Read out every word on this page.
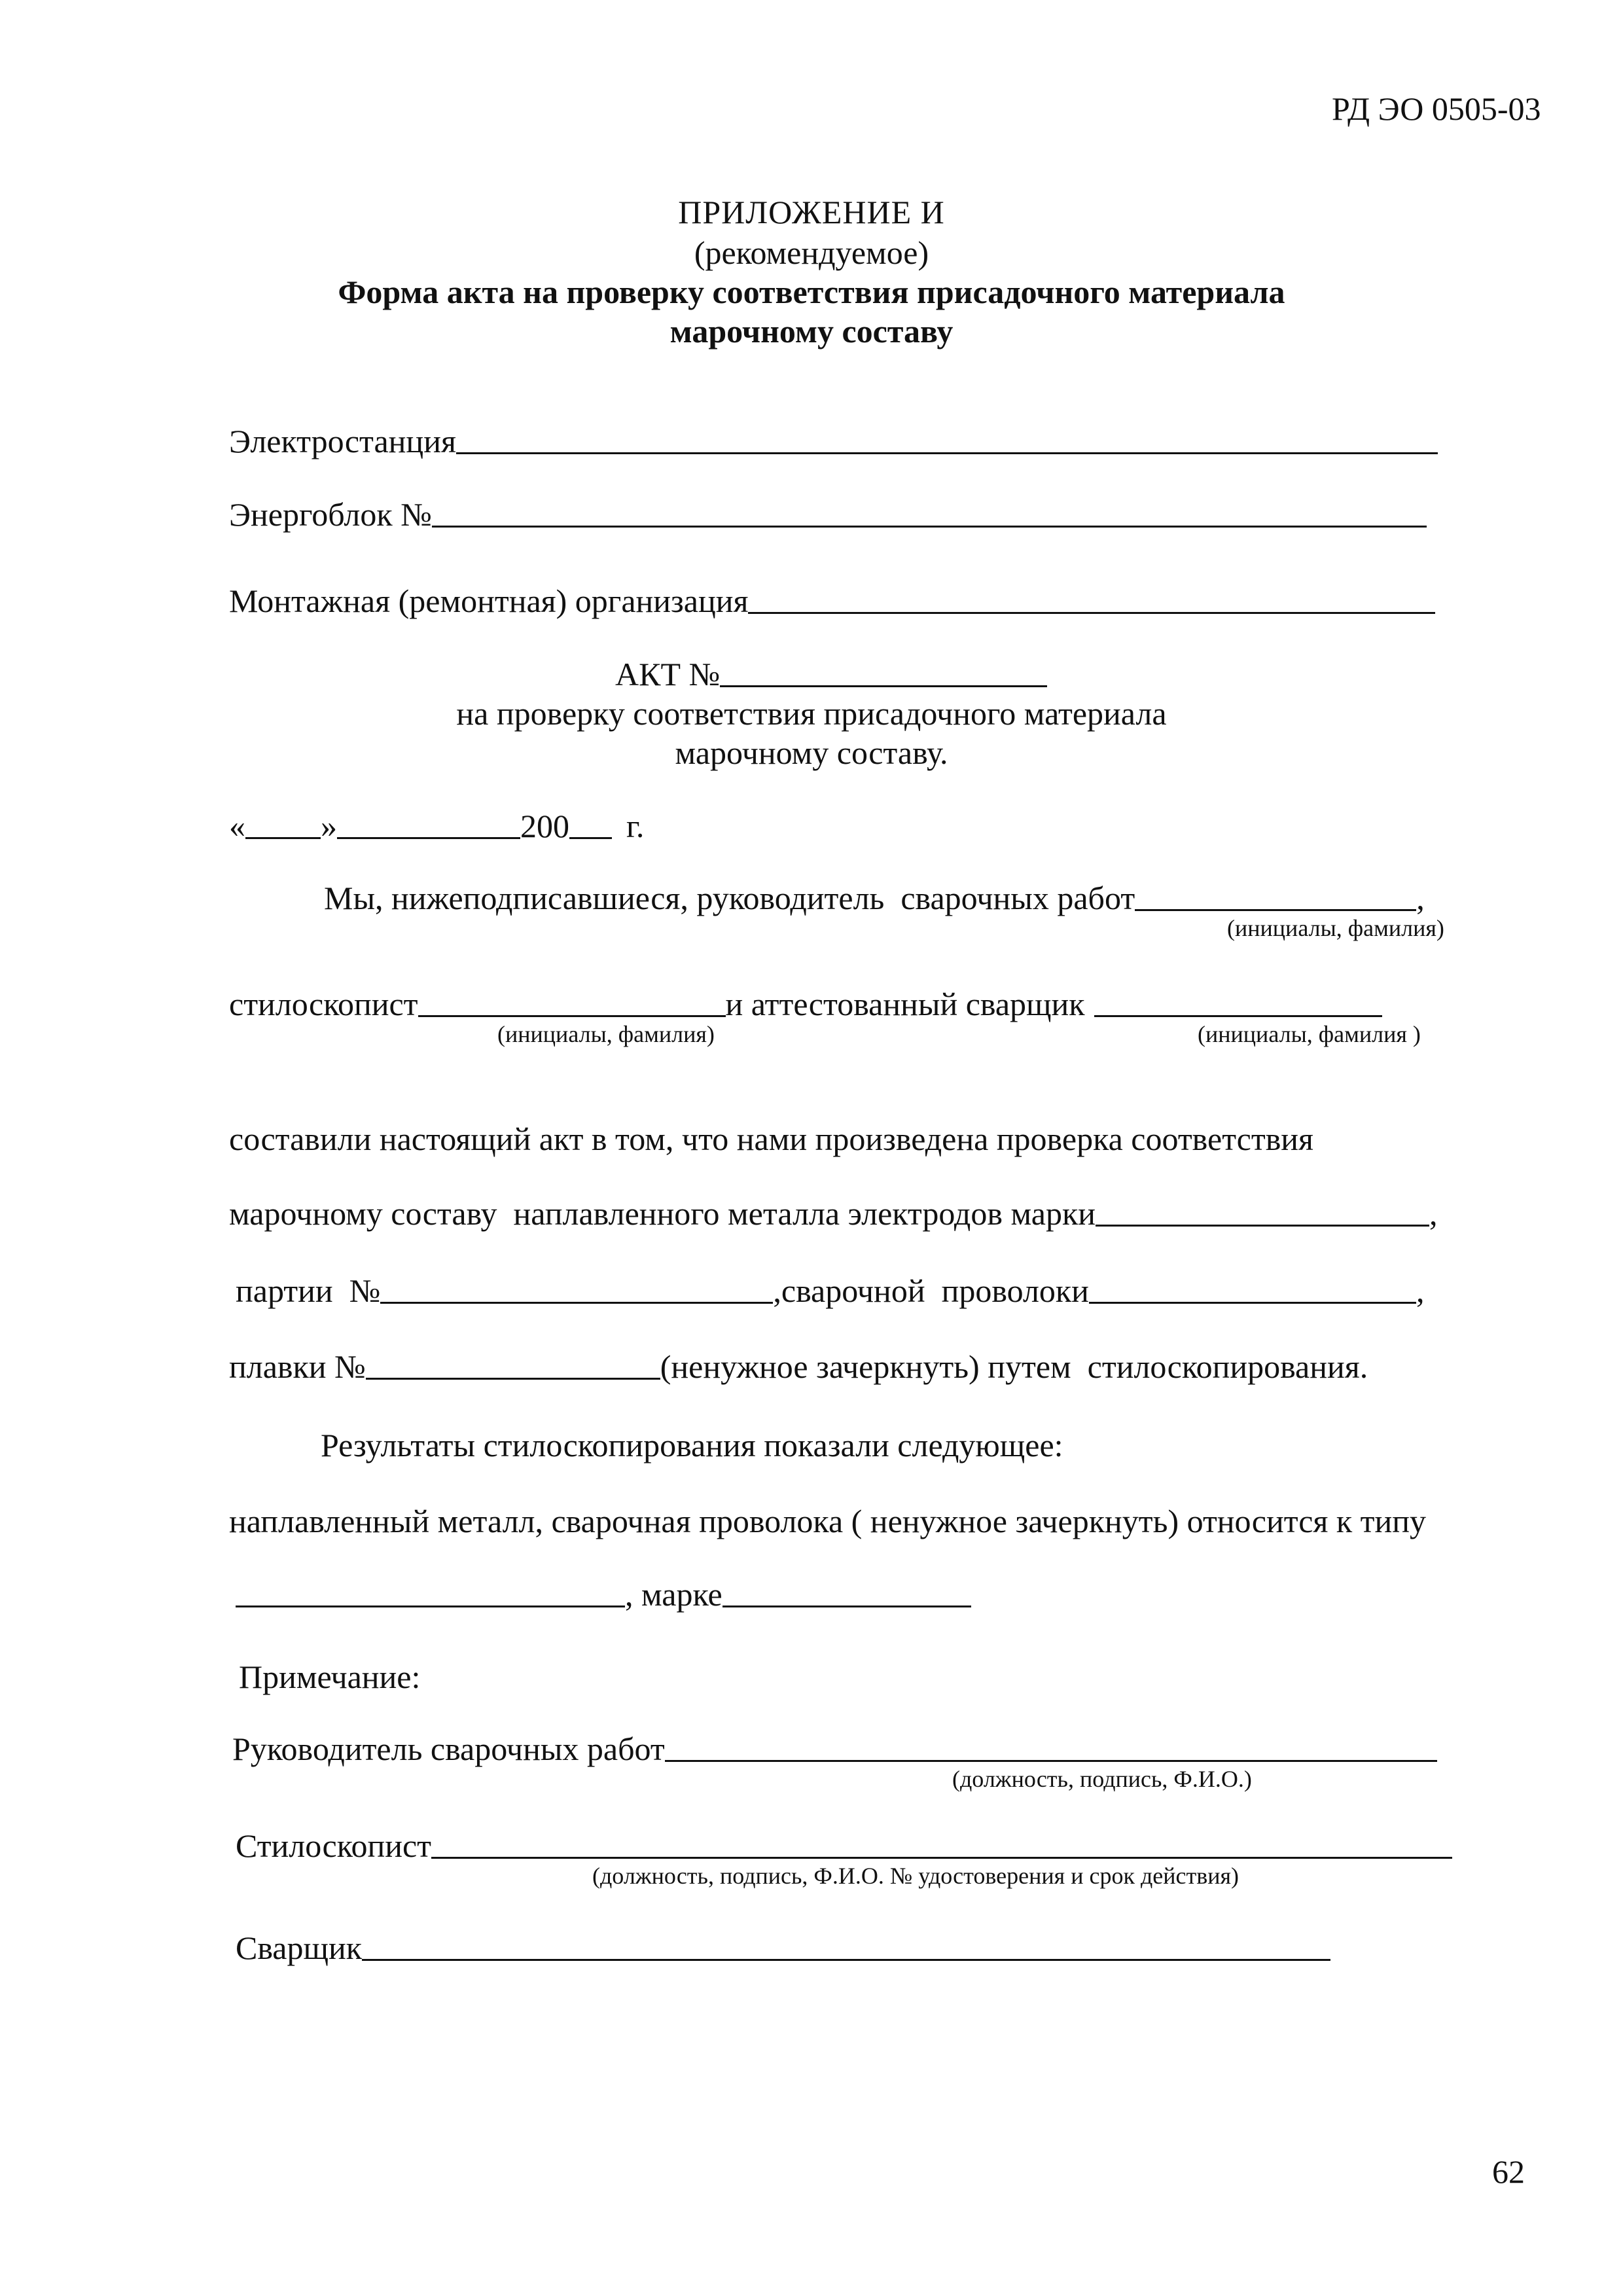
РД ЭО 0505-03
ПРИЛОЖЕНИЕ И
(рекомендуемое)
Форма акта на проверку соответствия присадочного материала
марочному составу
Электростанция
Энергоблок №
Монтажная (ремонтная) организация
АКТ №
на проверку соответствия присадочного материала
марочному составу.
« »	200 г.
Мы, нижеподписавшиеся, руководитель  сварочных работ	,
(инициалы, фамилия)
стилоскопист	и аттестованный сварщик
(инициалы, фамилия)	(инициалы, фамилия )
составили настоящий акт в том, что нами произведена проверка соответствия
марочному составу  наплавленного металла электродов марки	,
партии  №	,сварочной  проволоки	,
плавки №	(ненужное зачеркнуть) путем  стилоскопирования.
Результаты стилоскопирования показали следующее:
наплавленный металл, сварочная проволока ( ненужное зачеркнуть) относится к типу
, марке
Примечание:
Руководитель сварочных работ
(должность, подпись, Ф.И.О.)
Стилоскопист
(должность, подпись, Ф.И.О. № удостоверения и срок действия)
Сварщик
62
